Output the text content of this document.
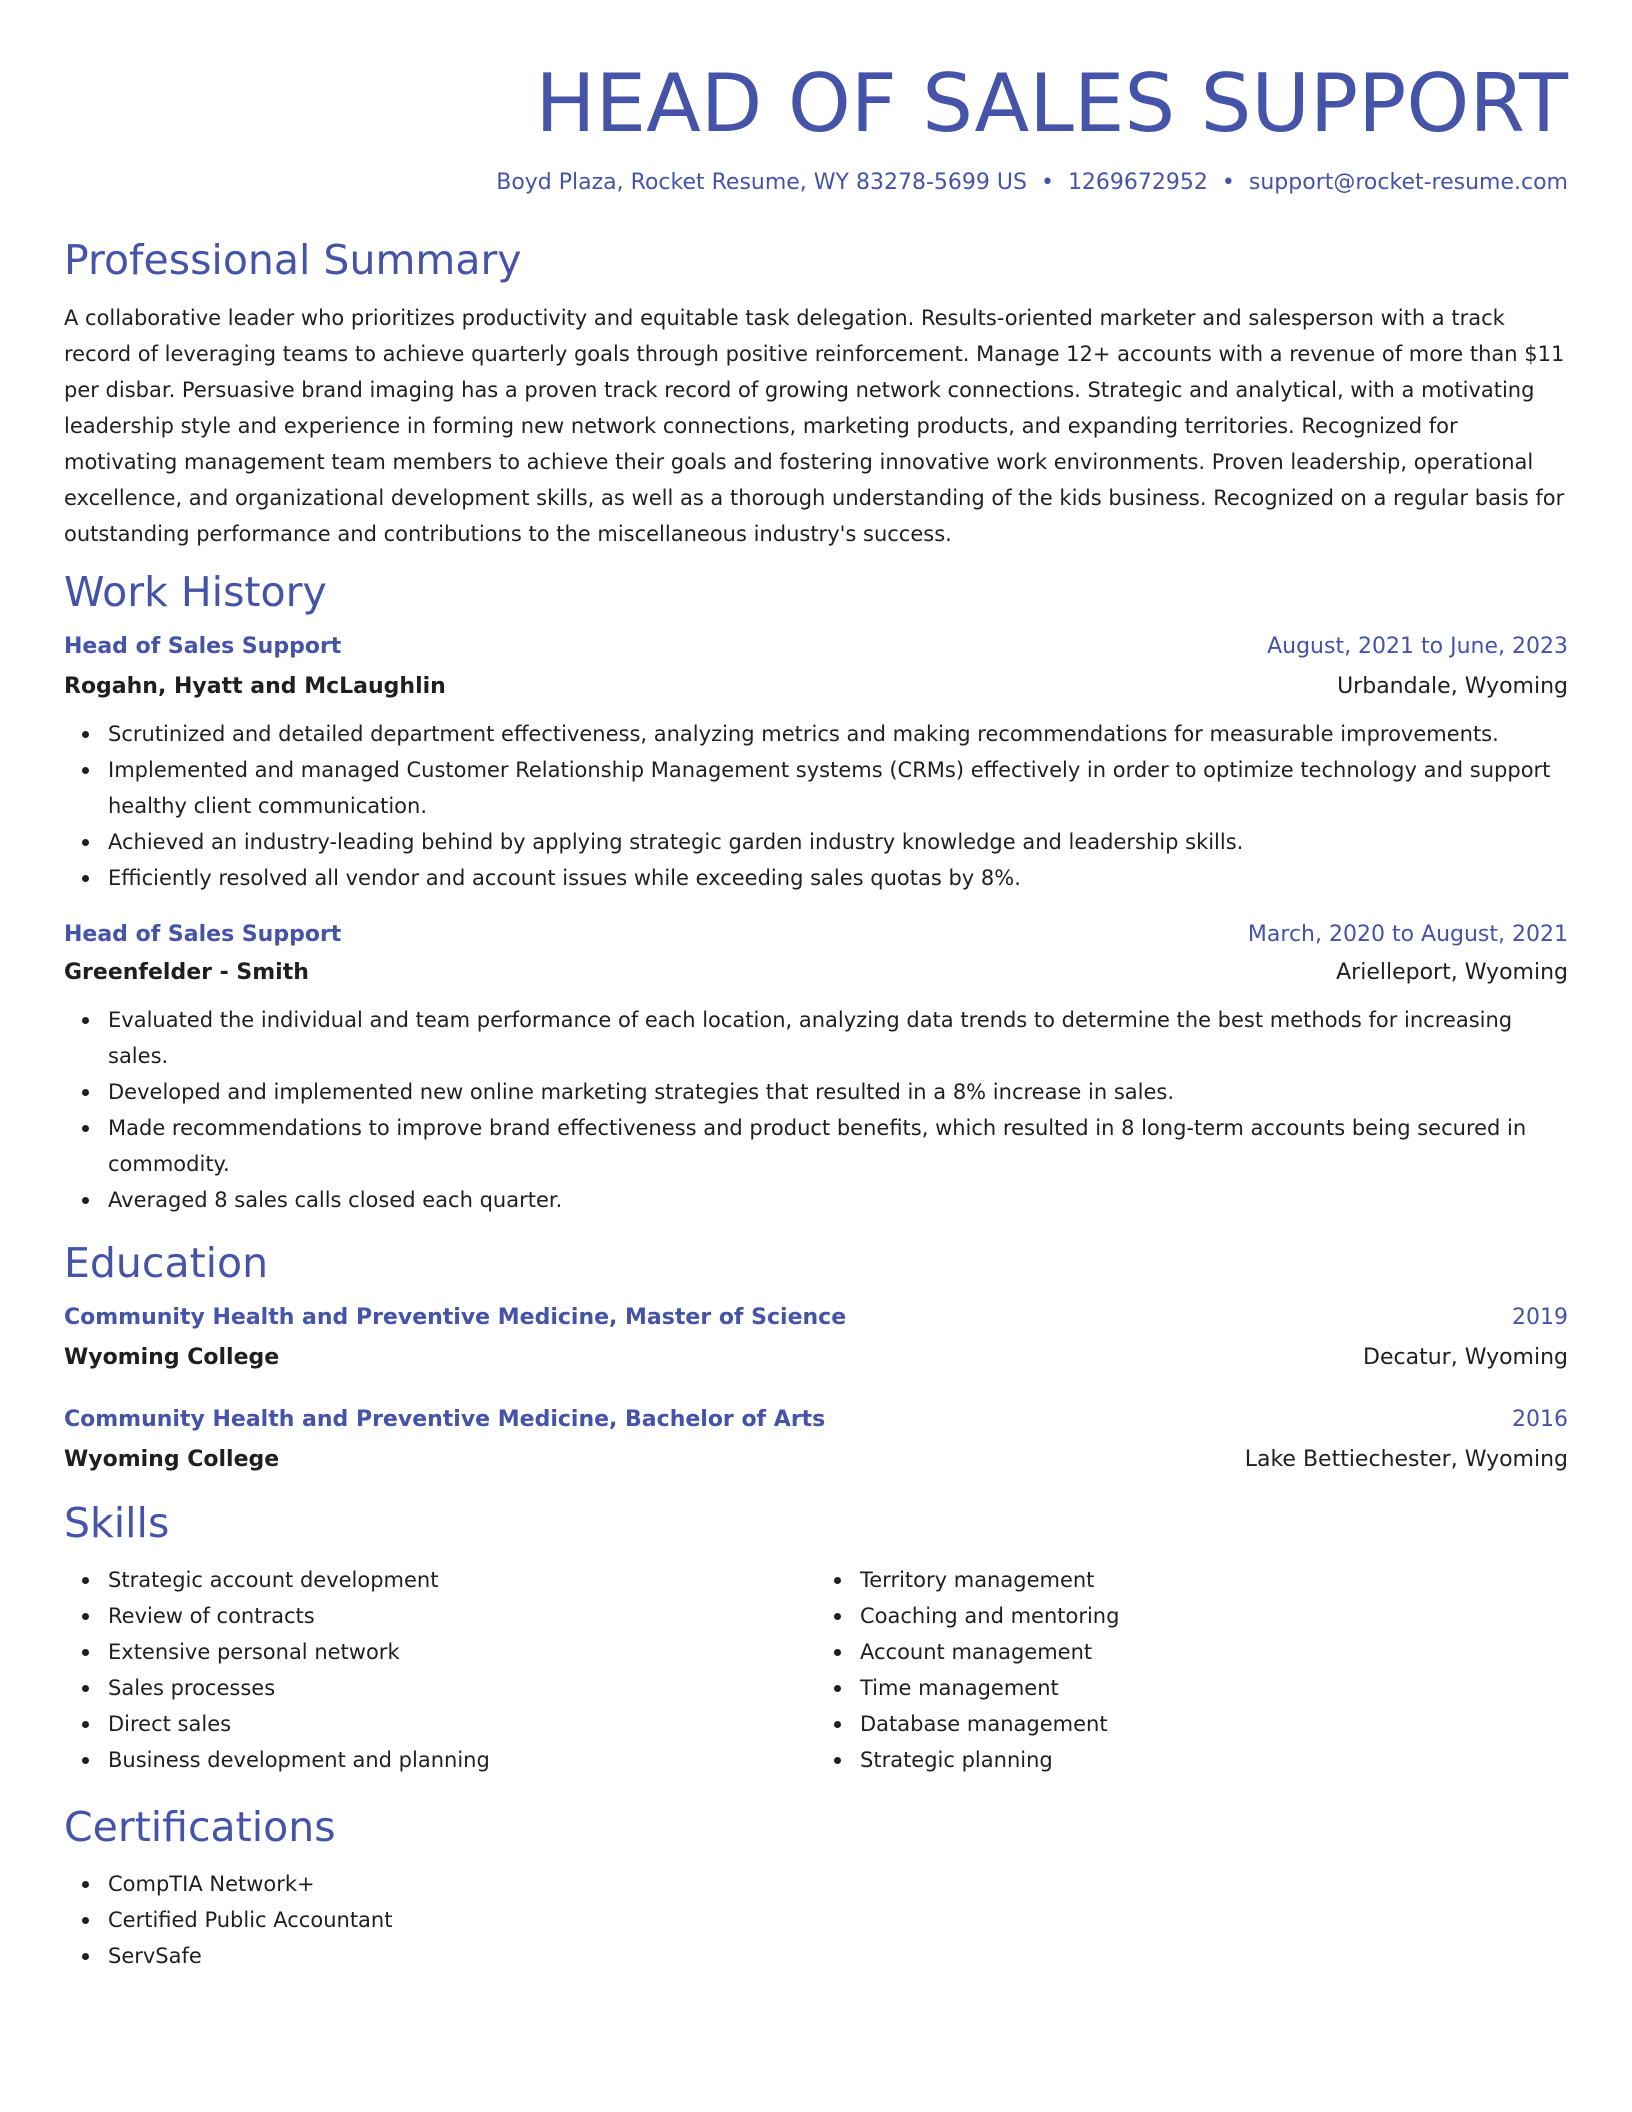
HEAD OF SALES SUPPORT
Boyd Plaza, Rocket Resume, WY 83278-5699 US • 1269672952 • support@rocket-resume.com
Professional Summary

A collaborative leader who prioritizes productivity and equitable task delegation. Results-oriented marketer and salesperson with a track record of leveraging teams to achieve quarterly goals through positive reinforcement. Manage 12+ accounts with a revenue of more than $11 per disbar. Persuasive brand imaging has a proven track record of growing network connections. Strategic and analytical, with a motivating leadership style and experience in forming new network connections, marketing products, and expanding territories. Recognized for motivating management team members to achieve their goals and fostering innovative work environments. Proven leadership, operational excellence, and organizational development skills, as well as a thorough understanding of the kids business. Recognized on a regular basis for outstanding performance and contributions to the miscellaneous industry's success.

Work History
Head of Sales Support	August, 2021 to June, 2023
Rogahn, Hyatt and McLaughlin	Urbandale, Wyoming
Scrutinized and detailed department effectiveness, analyzing metrics and making recommendations for measurable improvements.
Implemented and managed Customer Relationship Management systems (CRMs) effectively in order to optimize technology and support healthy client communication.
Achieved an industry-leading behind by applying strategic garden industry knowledge and leadership skills.
Efficiently resolved all vendor and account issues while exceeding sales quotas by 8%.
Head of Sales Support	March, 2020 to August, 2021
Greenfelder - Smith	Arielleport, Wyoming
Evaluated the individual and team performance of each location, analyzing data trends to determine the best methods for increasing sales.
Developed and implemented new online marketing strategies that resulted in a 8% increase in sales.
Made recommendations to improve brand effectiveness and product benefits, which resulted in 8 long-term accounts being secured in commodity.
Averaged 8 sales calls closed each quarter.
Education
Community Health and Preventive Medicine, Master of Science	2019
Wyoming College	Decatur, Wyoming
Community Health and Preventive Medicine, Bachelor of Arts	2016
Wyoming College	Lake Bettiechester, Wyoming
Skills
Strategic account development
Review of contracts
Extensive personal network
Sales processes
Direct sales
Business development and planning
Territory management
Coaching and mentoring
Account management
Time management
Database management
Strategic planning
Certifications
CompTIA Network+
Certified Public Accountant
ServSafe
